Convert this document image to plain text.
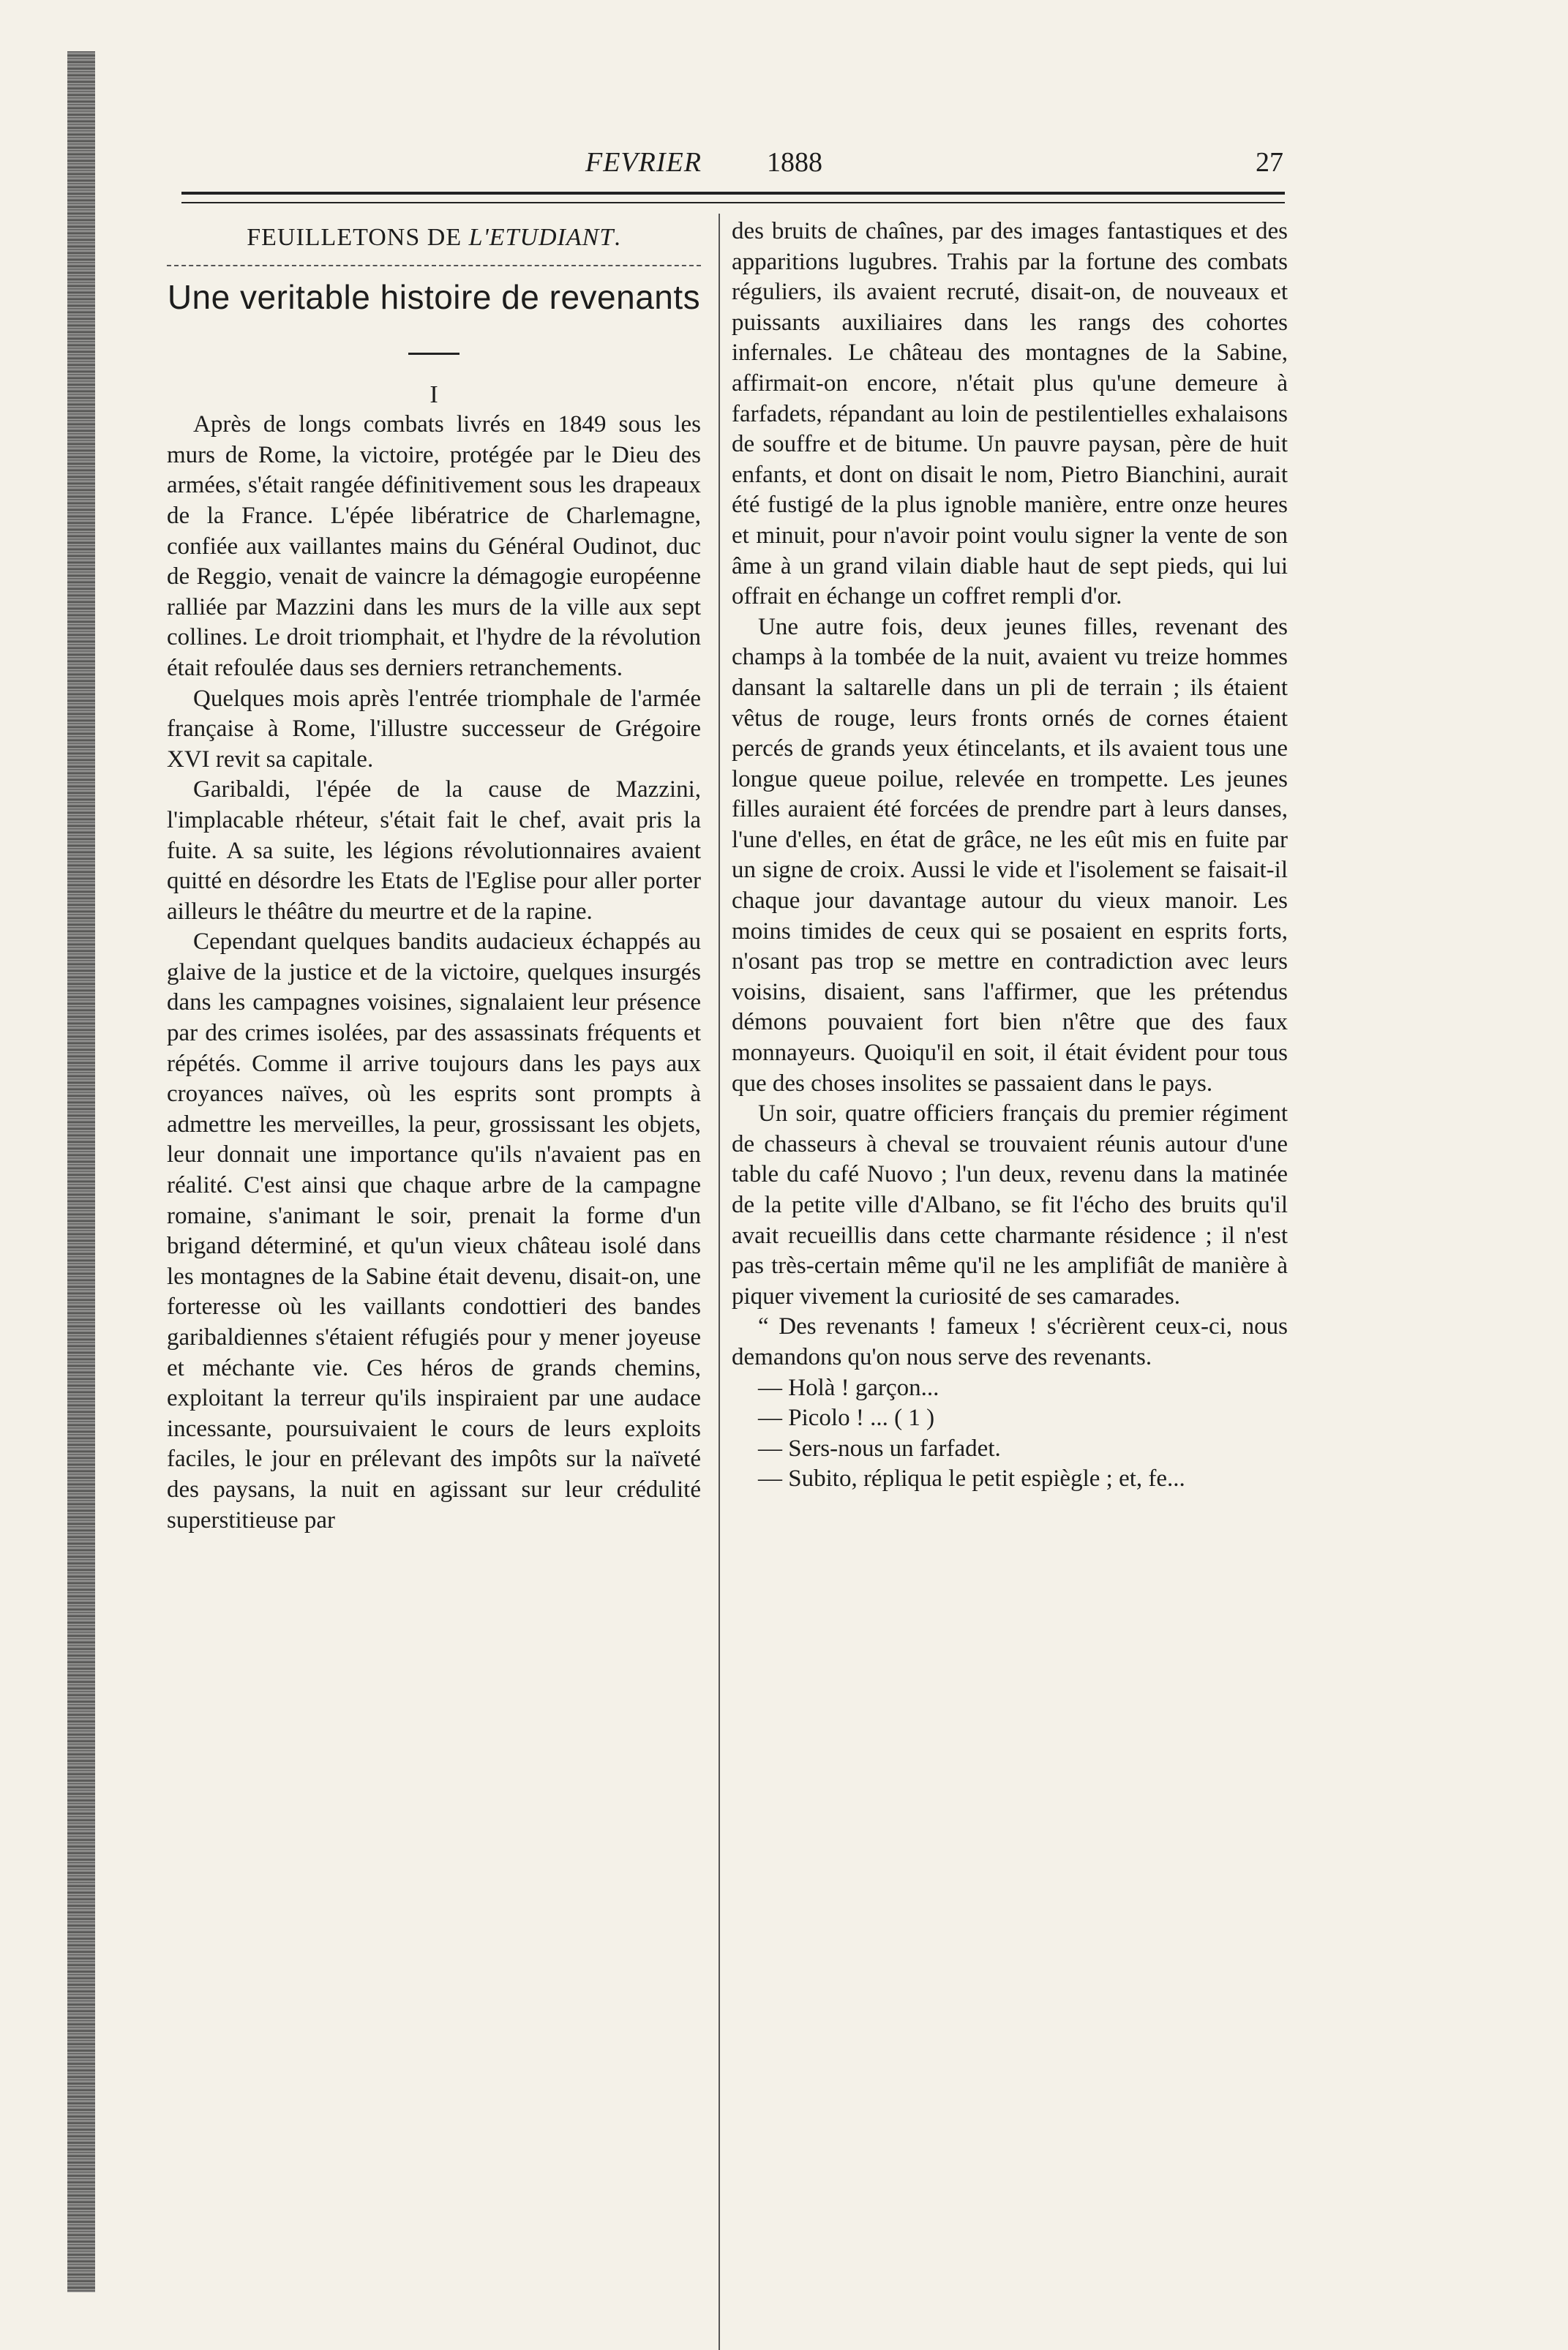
FEVRIER 1888	27
FEUILLETONS DE L'ETUDIANT.
Une veritable histoire de revenants

I

Après de longs combats livrés en 1849 sous les murs de Rome, la victoire, protégée par le Dieu des armées, s'était rangée définitivement sous les drapeaux de la France. L'épée libératrice de Charlemagne, confiée aux vaillantes mains du Général Oudinot, duc de Reggio, venait de vaincre la démagogie européenne ralliée par Mazzini dans les murs de la ville aux sept collines. Le droit triomphait, et l'hydre de la révolution était refoulée daus ses derniers retranchements.

Quelques mois après l'entrée triomphale de l'armée française à Rome, l'illustre successeur de Grégoire XVI revit sa capitale.

Garibaldi, l'épée de la cause de Mazzini, l'implacable rhéteur, s'était fait le chef, avait pris la fuite. A sa suite, les légions révolutionnaires avaient quitté en désordre les Etats de l'Eglise pour aller porter ailleurs le théâtre du meurtre et de la rapine.

Cependant quelques bandits audacieux échappés au glaive de la justice et de la victoire, quelques insurgés dans les campagnes voisines, signalaient leur présence par des crimes isolées, par des assassinats fréquents et répétés. Comme il arrive toujours dans les pays aux croyances naïves, où les esprits sont prompts à admettre les merveilles, la peur, grossissant les objets, leur donnait une importance qu'ils n'avaient pas en réalité. C'est ainsi que chaque arbre de la campagne romaine, s'animant le soir, prenait la forme d'un brigand déterminé, et qu'un vieux château isolé dans les montagnes de la Sabine était devenu, disait-on, une forteresse où les vaillants condottieri des bandes garibaldiennes s'étaient réfugiés pour y mener joyeuse et méchante vie. Ces héros de grands chemins, exploitant la terreur qu'ils inspiraient par une audace incessante, poursuivaient le cours de leurs exploits faciles, le jour en prélevant des impôts sur la naïveté des paysans, la nuit en agissant sur leur crédulité superstitieuse par

des bruits de chaînes, par des images fantastiques et des apparitions lugubres. Trahis par la fortune des combats réguliers, ils avaient recruté, disait-on, de nouveaux et puissants auxiliaires dans les rangs des cohortes infernales. Le château des montagnes de la Sabine, affirmait-on encore, n'était plus qu'une demeure à farfadets, répandant au loin de pestilentielles exhalaisons de souffre et de bitume. Un pauvre paysan, père de huit enfants, et dont on disait le nom, Pietro Bianchini, aurait été fustigé de la plus ignoble manière, entre onze heures et minuit, pour n'avoir point voulu signer la vente de son âme à un grand vilain diable haut de sept pieds, qui lui offrait en échange un coffret rempli d'or.

Une autre fois, deux jeunes filles, revenant des champs à la tombée de la nuit, avaient vu treize hommes dansant la saltarelle dans un pli de terrain ; ils étaient vêtus de rouge, leurs fronts ornés de cornes étaient percés de grands yeux étincelants, et ils avaient tous une longue queue poilue, relevée en trompette. Les jeunes filles auraient été forcées de prendre part à leurs danses, l'une d'elles, en état de grâce, ne les eût mis en fuite par un signe de croix. Aussi le vide et l'isolement se faisait-il chaque jour davantage autour du vieux manoir. Les moins timides de ceux qui se posaient en esprits forts, n'osant pas trop se mettre en contradiction avec leurs voisins, disaient, sans l'affirmer, que les prétendus démons pouvaient fort bien n'être que des faux monnayeurs. Quoiqu'il en soit, il était évident pour tous que des choses insolites se passaient dans le pays.

Un soir, quatre officiers français du premier régiment de chasseurs à cheval se trouvaient réunis autour d'une table du café Nuovo ; l'un deux, revenu dans la matinée de la petite ville d'Albano, se fit l'écho des bruits qu'il avait recueillis dans cette charmante résidence ; il n'est pas très-certain même qu'il ne les amplifiât de manière à piquer vivement la curiosité de ses camarades.

“ Des revenants ! fameux ! s'écrièrent ceux-ci, nous demandons qu'on nous serve des revenants.

— Holà ! garçon...

— Picolo ! ... ( 1 )

— Sers-nous un farfadet.

— Subito, répliqua le petit espiègle ; et, fe...
